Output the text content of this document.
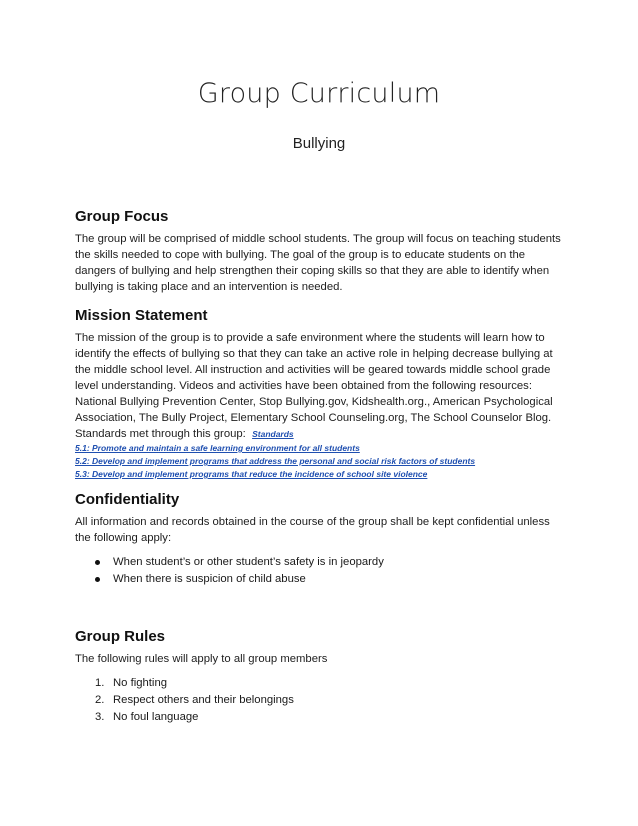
Group Curriculum
Bullying
Group Focus

The group will be comprised of middle school students. The group will focus on teaching students the skills needed to cope with bullying. The goal of the group is to educate students on the dangers of bullying and help strengthen their coping skills so that they are able to identify when bullying is taking place and an intervention is needed.

Mission Statement

The mission of the group is to provide a safe environment where the students will learn how to identify the effects of bullying so that they can take an active role in helping decrease bullying at the middle school level. All instruction and activities will be geared towards middle school grade level understanding. Videos and activities have been obtained from the following resources: National Bullying Prevention Center, Stop Bullying.gov, Kidshealth.org., American Psychological Association, The Bully Project, Elementary School Counseling.org, The School Counselor Blog. Standards met through this group: Standards

5.1: Promote and maintain a safe learning environment for all students
5.2: Develop and implement programs that address the personal and social risk factors of students
5.3: Develop and implement programs that reduce the incidence of school site violence
Confidentiality

All information and records obtained in the course of the group shall be kept confidential unless the following apply:

When student’s or other student’s safety is in jeopardy
When there is suspicion of child abuse
Group Rules

The following rules will apply to all group members

1. No fighting
2. Respect others and their belongings
3. No foul language
